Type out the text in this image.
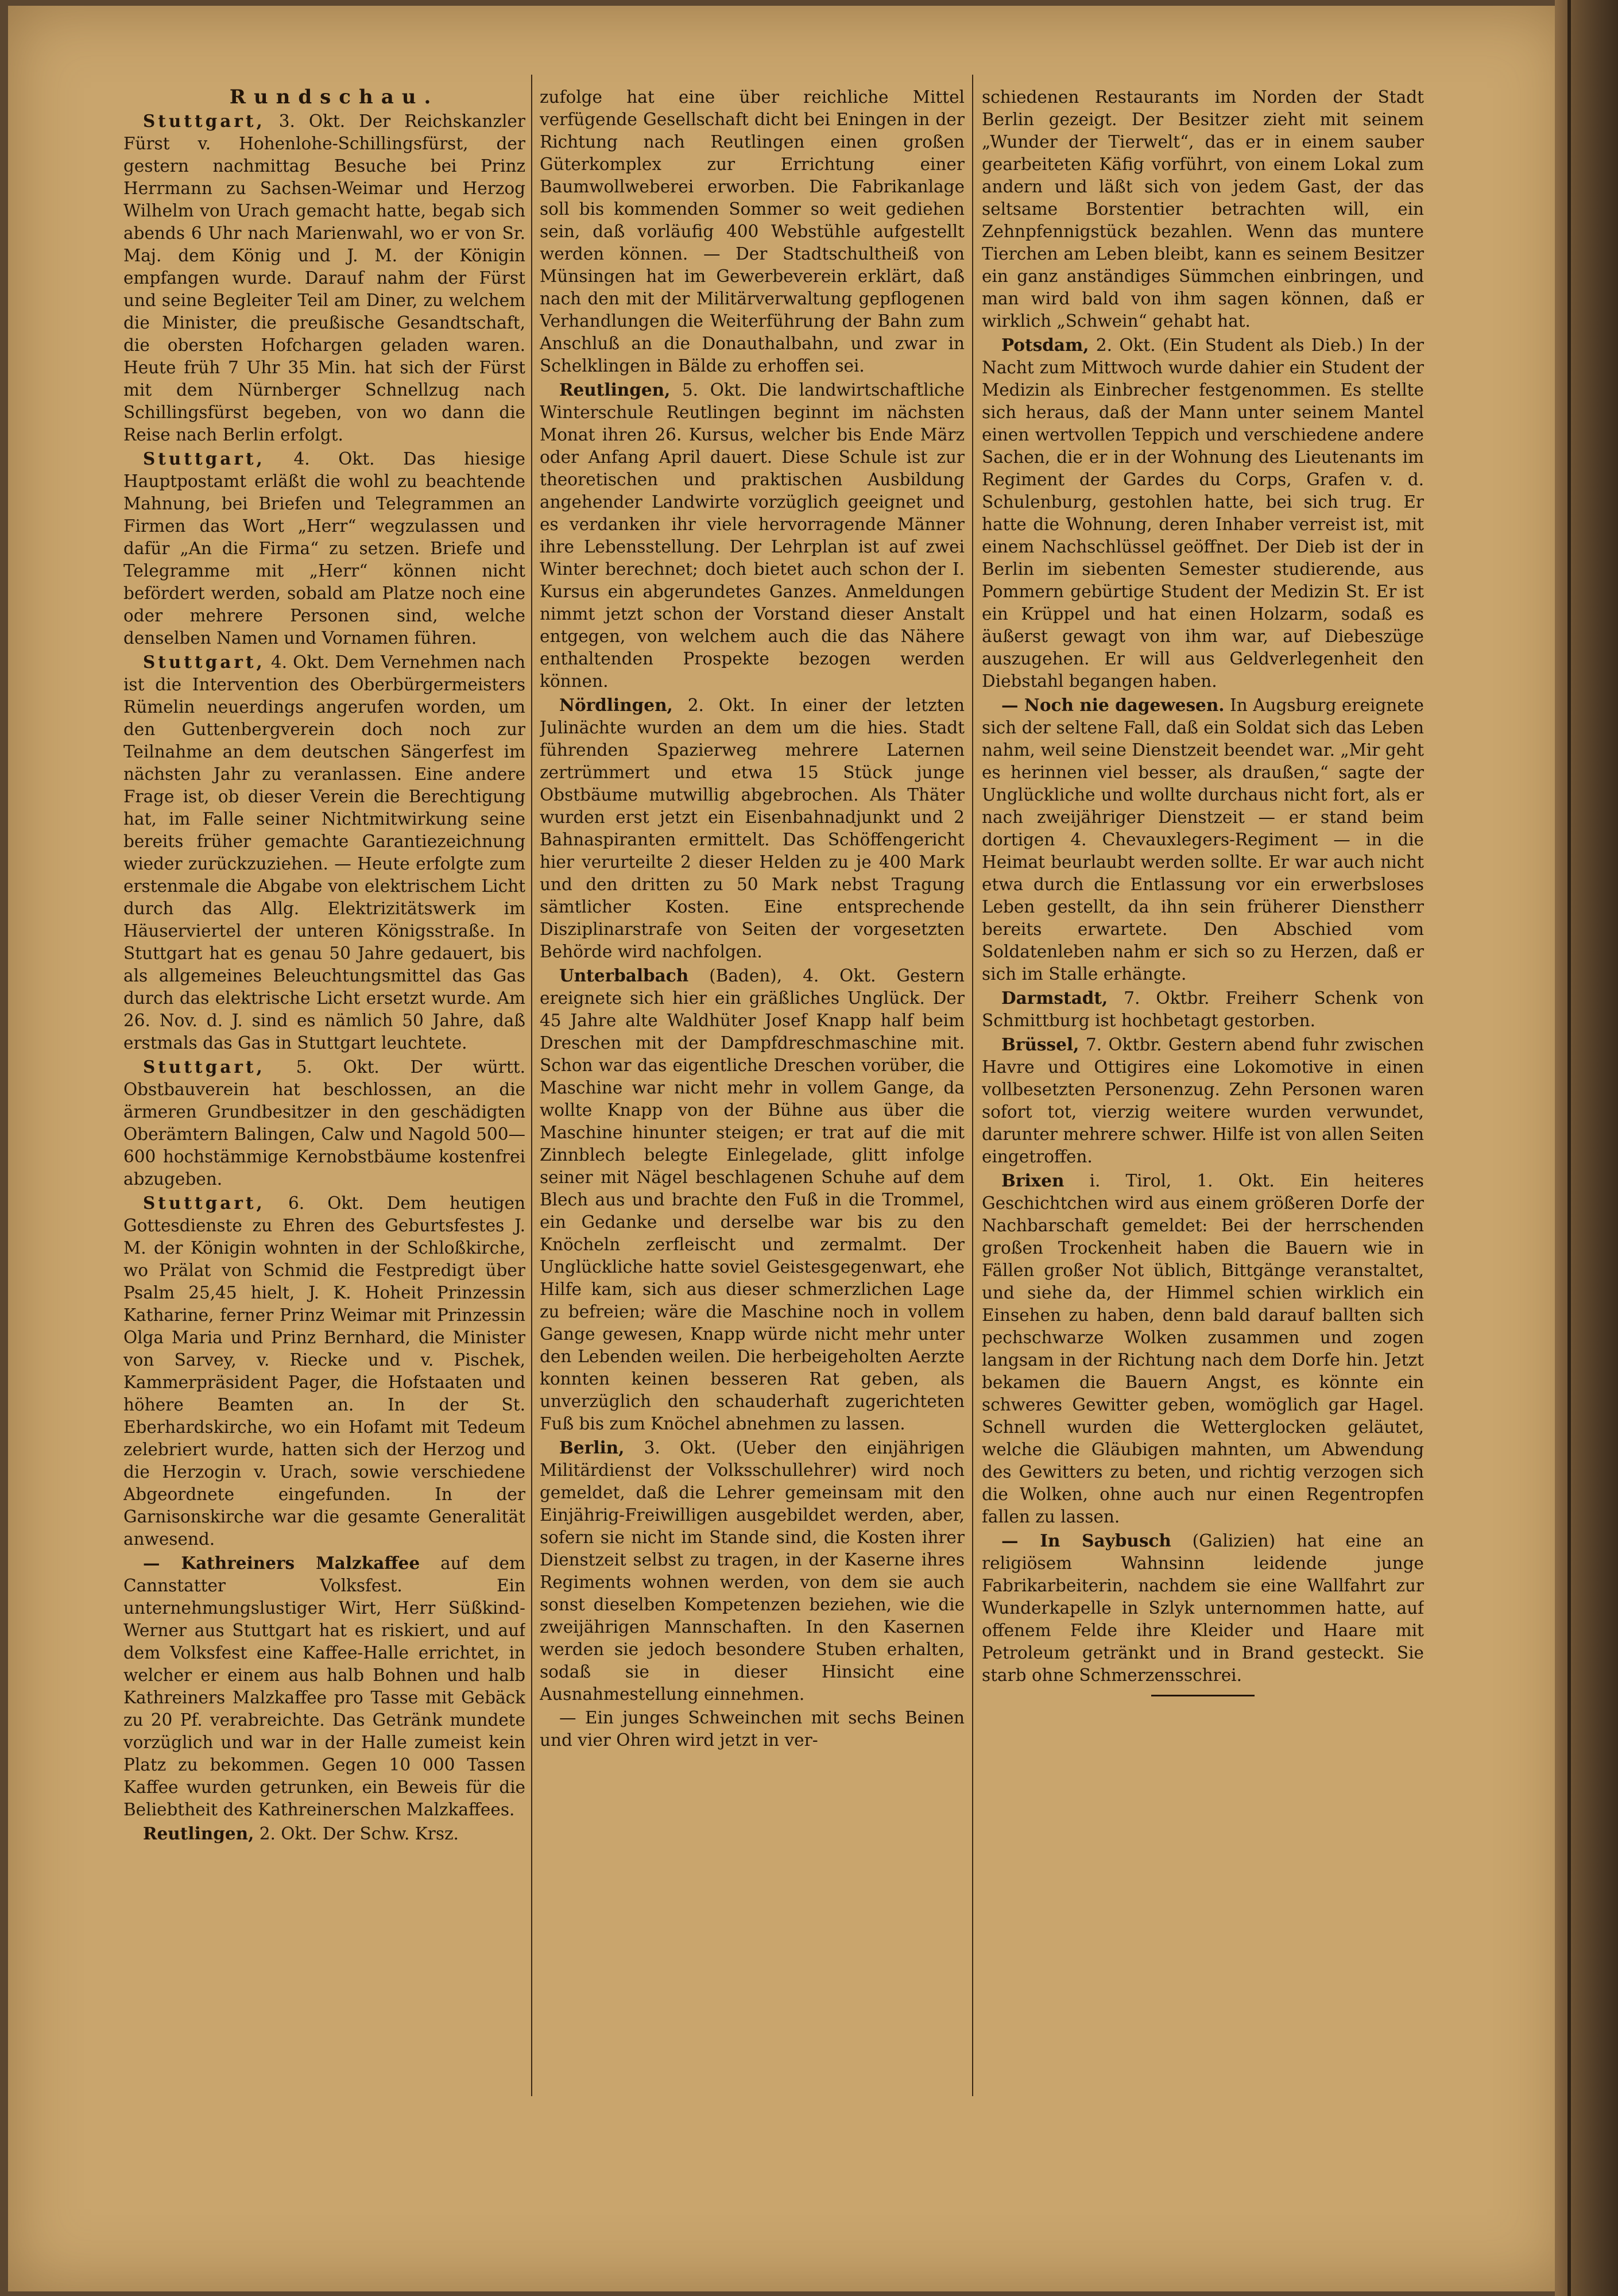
Rundschau.

Stuttgart, 3. Okt. Der Reichskanzler Fürst v. Hohenlohe-Schillingsfürst, der gestern nachmittag Besuche bei Prinz Herrmann zu Sachsen-Weimar und Herzog Wilhelm von Urach gemacht hatte, begab sich abends 6 Uhr nach Marienwahl, wo er von Sr. Maj. dem König und J. M. der Königin empfangen wurde. Darauf nahm der Fürst und seine Begleiter Teil am Diner, zu welchem die Minister, die preußische Gesandtschaft, die obersten Hofchargen geladen waren. Heute früh 7 Uhr 35 Min. hat sich der Fürst mit dem Nürnberger Schnellzug nach Schillingsfürst begeben, von wo dann die Reise nach Berlin erfolgt.

Stuttgart, 4. Okt. Das hiesige Hauptpostamt erläßt die wohl zu beachtende Mahnung, bei Briefen und Telegrammen an Firmen das Wort „Herr“ wegzulassen und dafür „An die Firma“ zu setzen. Briefe und Telegramme mit „Herr“ können nicht befördert werden, sobald am Platze noch eine oder mehrere Personen sind, welche denselben Namen und Vornamen führen.

Stuttgart, 4. Okt. Dem Vernehmen nach ist die Intervention des Oberbürgermeisters Rümelin neuerdings angerufen worden, um den Guttenbergverein doch noch zur Teilnahme an dem deutschen Sängerfest im nächsten Jahr zu veranlassen. Eine andere Frage ist, ob dieser Verein die Berechtigung hat, im Falle seiner Nichtmitwirkung seine bereits früher gemachte Garantiezeichnung wieder zurückzuziehen. — Heute erfolgte zum erstenmale die Abgabe von elektrischem Licht durch das Allg. Elektrizitätswerk im Häuserviertel der unteren Königsstraße. In Stuttgart hat es genau 50 Jahre gedauert, bis als allgemeines Beleuchtungsmittel das Gas durch das elektrische Licht ersetzt wurde. Am 26. Nov. d. J. sind es nämlich 50 Jahre, daß erstmals das Gas in Stuttgart leuchtete.

Stuttgart, 5. Okt. Der württ. Obstbauverein hat beschlossen, an die ärmeren Grundbesitzer in den geschädigten Oberämtern Balingen, Calw und Nagold 500—600 hochstämmige Kernobstbäume kostenfrei abzugeben.

Stuttgart, 6. Okt. Dem heutigen Gottesdienste zu Ehren des Geburtsfestes J. M. der Königin wohnten in der Schloßkirche, wo Prälat von Schmid die Festpredigt über Psalm 25,45 hielt, J. K. Hoheit Prinzessin Katharine, ferner Prinz Weimar mit Prinzessin Olga Maria und Prinz Bernhard, die Minister von Sarvey, v. Riecke und v. Pischek, Kammerpräsident Pager, die Hofstaaten und höhere Beamten an. In der St. Eberhardskirche, wo ein Hofamt mit Tedeum zelebriert wurde, hatten sich der Herzog und die Herzogin v. Urach, sowie verschiedene Abgeordnete eingefunden. In der Garnisonskirche war die gesamte Generalität anwesend.

— Kathreiners Malzkaffee auf dem Cannstatter Volksfest. Ein unternehmungslustiger Wirt, Herr Süßkind-Werner aus Stuttgart hat es riskiert, und auf dem Volksfest eine Kaffee-Halle errichtet, in welcher er einem aus halb Bohnen und halb Kathreiners Malzkaffee pro Tasse mit Gebäck zu 20 Pf. verabreichte. Das Getränk mundete vorzüglich und war in der Halle zumeist kein Platz zu bekommen. Gegen 10 000 Tassen Kaffee wurden getrunken, ein Beweis für die Beliebtheit des Kathreinerschen Malzkaffees.

Reutlingen, 2. Okt. Der Schw. Krsz.

zufolge hat eine über reichliche Mittel verfügende Gesellschaft dicht bei Eningen in der Richtung nach Reutlingen einen großen Güterkomplex zur Errichtung einer Baumwollweberei erworben. Die Fabrikanlage soll bis kommenden Sommer so weit gediehen sein, daß vorläufig 400 Webstühle aufgestellt werden können. — Der Stadtschultheiß von Münsingen hat im Gewerbeverein erklärt, daß nach den mit der Militärverwaltung gepflogenen Verhandlungen die Weiterführung der Bahn zum Anschluß an die Donauthalbahn, und zwar in Schelklingen in Bälde zu erhoffen sei.

Reutlingen, 5. Okt. Die landwirtschaftliche Winterschule Reutlingen beginnt im nächsten Monat ihren 26. Kursus, welcher bis Ende März oder Anfang April dauert. Diese Schule ist zur theoretischen und praktischen Ausbildung angehender Landwirte vorzüglich geeignet und es verdanken ihr viele hervorragende Männer ihre Lebensstellung. Der Lehrplan ist auf zwei Winter berechnet; doch bietet auch schon der I. Kursus ein abgerundetes Ganzes. Anmeldungen nimmt jetzt schon der Vorstand dieser Anstalt entgegen, von welchem auch die das Nähere enthaltenden Prospekte bezogen werden können.

Nördlingen, 2. Okt. In einer der letzten Julinächte wurden an dem um die hies. Stadt führenden Spazierweg mehrere Laternen zertrümmert und etwa 15 Stück junge Obstbäume mutwillig abgebrochen. Als Thäter wurden erst jetzt ein Eisenbahnadjunkt und 2 Bahnaspiranten ermittelt. Das Schöffengericht hier verurteilte 2 dieser Helden zu je 400 Mark und den dritten zu 50 Mark nebst Tragung sämtlicher Kosten. Eine entsprechende Disziplinarstrafe von Seiten der vorgesetzten Behörde wird nachfolgen.

Unterbalbach (Baden), 4. Okt. Gestern ereignete sich hier ein gräßliches Unglück. Der 45 Jahre alte Waldhüter Josef Knapp half beim Dreschen mit der Dampfdreschmaschine mit. Schon war das eigentliche Dreschen vorüber, die Maschine war nicht mehr in vollem Gange, da wollte Knapp von der Bühne aus über die Maschine hinunter steigen; er trat auf die mit Zinnblech belegte Einlegelade, glitt infolge seiner mit Nägel beschlagenen Schuhe auf dem Blech aus und brachte den Fuß in die Trommel, ein Gedanke und derselbe war bis zu den Knöcheln zerfleischt und zermalmt. Der Unglückliche hatte soviel Geistesgegenwart, ehe Hilfe kam, sich aus dieser schmerzlichen Lage zu befreien; wäre die Maschine noch in vollem Gange gewesen, Knapp würde nicht mehr unter den Lebenden weilen. Die herbeigeholten Aerzte konnten keinen besseren Rat geben, als unverzüglich den schauderhaft zugerichteten Fuß bis zum Knöchel abnehmen zu lassen.

Berlin, 3. Okt. (Ueber den einjährigen Militärdienst der Volksschullehrer) wird noch gemeldet, daß die Lehrer gemeinsam mit den Einjährig-Freiwilligen ausgebildet werden, aber, sofern sie nicht im Stande sind, die Kosten ihrer Dienstzeit selbst zu tragen, in der Kaserne ihres Regiments wohnen werden, von dem sie auch sonst dieselben Kompetenzen beziehen, wie die zweijährigen Mannschaften. In den Kasernen werden sie jedoch besondere Stuben erhalten, sodaß sie in dieser Hinsicht eine Ausnahmestellung einnehmen.

— Ein junges Schweinchen mit sechs Beinen und vier Ohren wird jetzt in ver-

schiedenen Restaurants im Norden der Stadt Berlin gezeigt. Der Besitzer zieht mit seinem „Wunder der Tierwelt“, das er in einem sauber gearbeiteten Käfig vorführt, von einem Lokal zum andern und läßt sich von jedem Gast, der das seltsame Borstentier betrachten will, ein Zehnpfennigstück bezahlen. Wenn das muntere Tierchen am Leben bleibt, kann es seinem Besitzer ein ganz anständiges Sümmchen einbringen, und man wird bald von ihm sagen können, daß er wirklich „Schwein“ gehabt hat.

Potsdam, 2. Okt. (Ein Student als Dieb.) In der Nacht zum Mittwoch wurde dahier ein Student der Medizin als Einbrecher festgenommen. Es stellte sich heraus, daß der Mann unter seinem Mantel einen wertvollen Teppich und verschiedene andere Sachen, die er in der Wohnung des Lieutenants im Regiment der Gardes du Corps, Grafen v. d. Schulenburg, gestohlen hatte, bei sich trug. Er hatte die Wohnung, deren Inhaber verreist ist, mit einem Nachschlüssel geöffnet. Der Dieb ist der in Berlin im siebenten Semester studierende, aus Pommern gebürtige Student der Medizin St. Er ist ein Krüppel und hat einen Holzarm, sodaß es äußerst gewagt von ihm war, auf Diebeszüge auszugehen. Er will aus Geldverlegenheit den Diebstahl begangen haben.

— Noch nie dagewesen. In Augsburg ereignete sich der seltene Fall, daß ein Soldat sich das Leben nahm, weil seine Dienstzeit beendet war. „Mir geht es herinnen viel besser, als draußen,“ sagte der Unglückliche und wollte durchaus nicht fort, als er nach zweijähriger Dienstzeit — er stand beim dortigen 4. Chevauxlegers-Regiment — in die Heimat beurlaubt werden sollte. Er war auch nicht etwa durch die Entlassung vor ein erwerbsloses Leben gestellt, da ihn sein früherer Dienstherr bereits erwartete. Den Abschied vom Soldatenleben nahm er sich so zu Herzen, daß er sich im Stalle erhängte.

Darmstadt, 7. Oktbr. Freiherr Schenk von Schmittburg ist hochbetagt gestorben.

Brüssel, 7. Oktbr. Gestern abend fuhr zwischen Havre und Ottigires eine Lokomotive in einen vollbesetzten Personenzug. Zehn Personen waren sofort tot, vierzig weitere wurden verwundet, darunter mehrere schwer. Hilfe ist von allen Seiten eingetroffen.

Brixen i. Tirol, 1. Okt. Ein heiteres Geschichtchen wird aus einem größeren Dorfe der Nachbarschaft gemeldet: Bei der herrschenden großen Trockenheit haben die Bauern wie in Fällen großer Not üblich, Bittgänge veranstaltet, und siehe da, der Himmel schien wirklich ein Einsehen zu haben, denn bald darauf ballten sich pechschwarze Wolken zusammen und zogen langsam in der Richtung nach dem Dorfe hin. Jetzt bekamen die Bauern Angst, es könnte ein schweres Gewitter geben, womöglich gar Hagel. Schnell wurden die Wetterglocken geläutet, welche die Gläubigen mahnten, um Abwendung des Gewitters zu beten, und richtig verzogen sich die Wolken, ohne auch nur einen Regentropfen fallen zu lassen.

— In Saybusch (Galizien) hat eine an religiösem Wahnsinn leidende junge Fabrikarbeiterin, nachdem sie eine Wallfahrt zur Wunderkapelle in Szlyk unternommen hatte, auf offenem Felde ihre Kleider und Haare mit Petroleum getränkt und in Brand gesteckt. Sie starb ohne Schmerzensschrei.
